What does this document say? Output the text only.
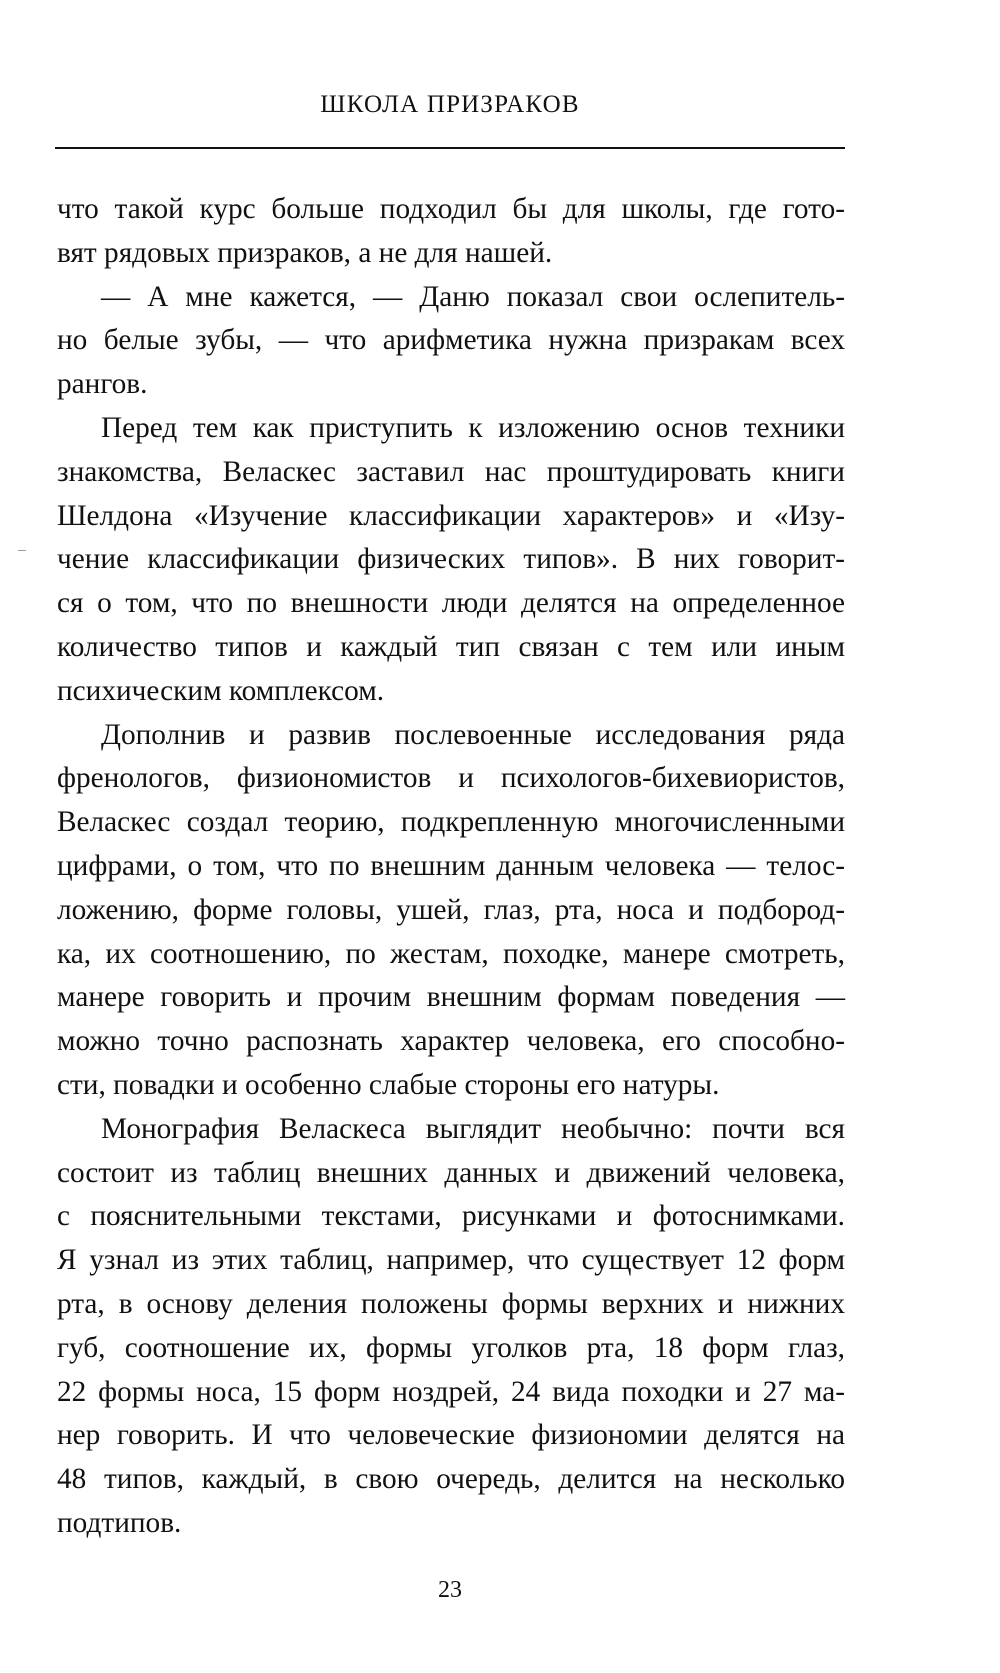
ШКОЛА ПРИЗРАКОВ

что такой курс больше подходил бы для школы, где гото-
вят рядовых призраков, а не для нашей.

— А мне кажется, — Даню показал свои ослепитель-
но белые зубы, — что арифметика нужна призракам всех
рангов.

Перед тем как приступить к изложению основ техники
знакомства, Веласкес заставил нас проштудировать книги
Шелдона «Изучение классификации характеров» и «Изу-
чение классификации физических типов». В них говорит-
ся о том, что по внешности люди делятся на определенное
количество типов и каждый тип связан с тем или иным
психическим комплексом.

Дополнив и развив послевоенные исследования ряда
френологов, физиономистов и психологов-бихевиористов,
Веласкес создал теорию, подкрепленную многочисленными
цифрами, о том, что по внешним данным человека — телос-
ложению, форме головы, ушей, глаз, рта, носа и подбород-
ка, их соотношению, по жестам, походке, манере смотреть,
манере говорить и прочим внешним формам поведения —
можно точно распознать характер человека, его способно-
сти, повадки и особенно слабые стороны его натуры.

Монография Веласкеса выглядит необычно: почти вся
состоит из таблиц внешних данных и движений человека,
с пояснительными текстами, рисунками и фотоснимками.
Я узнал из этих таблиц, например, что существует 12 форм
рта, в основу деления положены формы верхних и нижних
губ, соотношение их, формы уголков рта, 18 форм глаз,
22 формы носа, 15 форм ноздрей, 24 вида походки и 27 ма-
нер говорить. И что человеческие физиономии делятся на
48 типов, каждый, в свою очередь, делится на несколько
подтипов.

23
